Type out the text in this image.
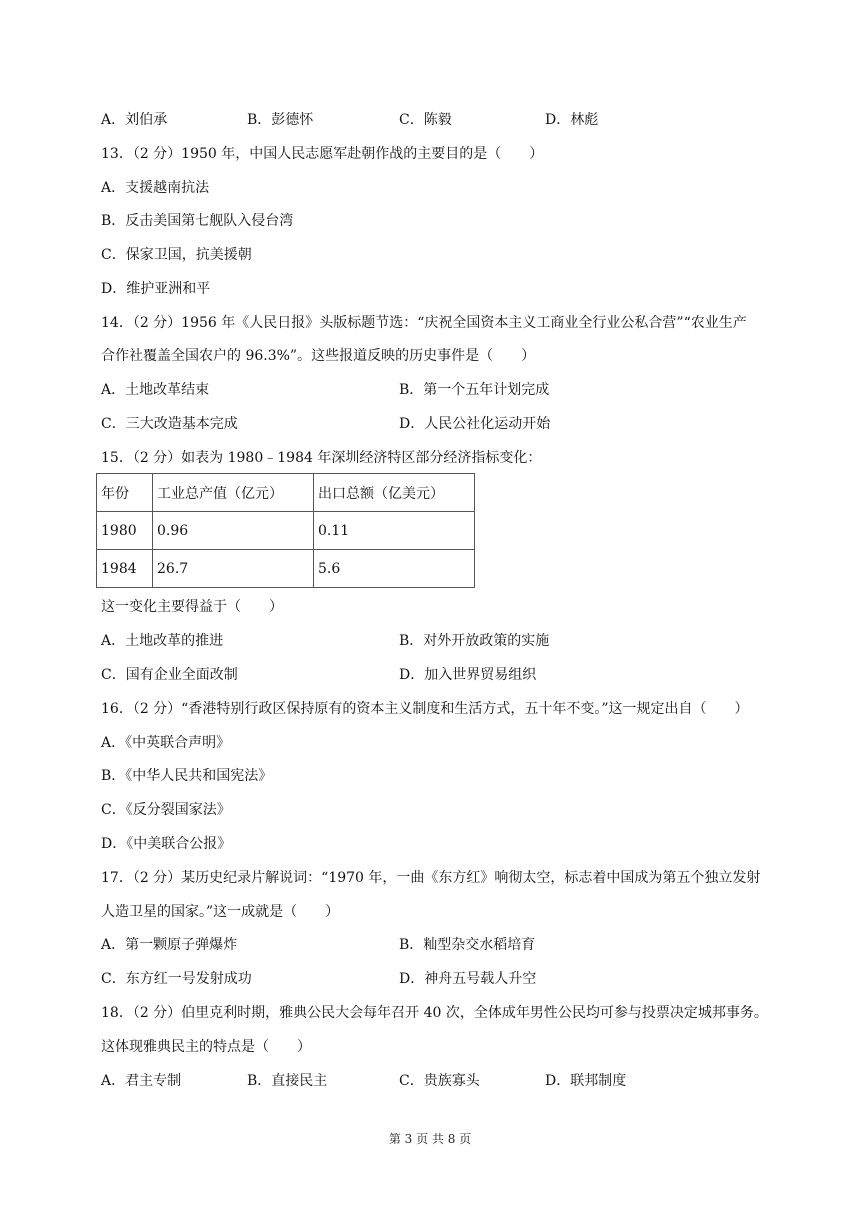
A．刘伯承	B．彭德怀	C．陈毅	D．林彪
13．（2 分）1950 年，中国人民志愿军赴朝作战的主要目的是（　　）
A．支援越南抗法
B．反击美国第七舰队入侵台湾
C．保家卫国，抗美援朝
D．维护亚洲和平
14．（2 分）1956 年《人民日报》头版标题节选：“庆祝全国资本主义工商业全行业公私合营”“农业生产
合作社覆盖全国农户的 96.3%”。这些报道反映的历史事件是（　　）
A．土地改革结束	B．第一个五年计划完成
C．三大改造基本完成	D．人民公社化运动开始
15．（2 分）如表为 1980﹣1984 年深圳经济特区部分经济指标变化：
年份	工业总产值（亿元）	出口总额（亿美元）
1980	0.96	0.11
1984	26.7	5.6
这一变化主要得益于（　　）
A．土地改革的推进	B．对外开放政策的实施
C．国有企业全面改制	D．加入世界贸易组织
16．（2 分）“香港特别行政区保持原有的资本主义制度和生活方式，五十年不变。”这一规定出自（　　）
A．《中英联合声明》
B．《中华人民共和国宪法》
C．《反分裂国家法》
D．《中美联合公报》
17．（2 分）某历史纪录片解说词：“1970 年，一曲《东方红》响彻太空，标志着中国成为第五个独立发射
人造卫星的国家。”这一成就是（　　）
A．第一颗原子弹爆炸	B．籼型杂交水稻培育
C．东方红一号发射成功	D．神舟五号载人升空
18．（2 分）伯里克利时期，雅典公民大会每年召开 40 次，全体成年男性公民均可参与投票决定城邦事务。
这体现雅典民主的特点是（　　）
A．君主专制	B．直接民主	C．贵族寡头	D．联邦制度
第 3 页 共 8 页
